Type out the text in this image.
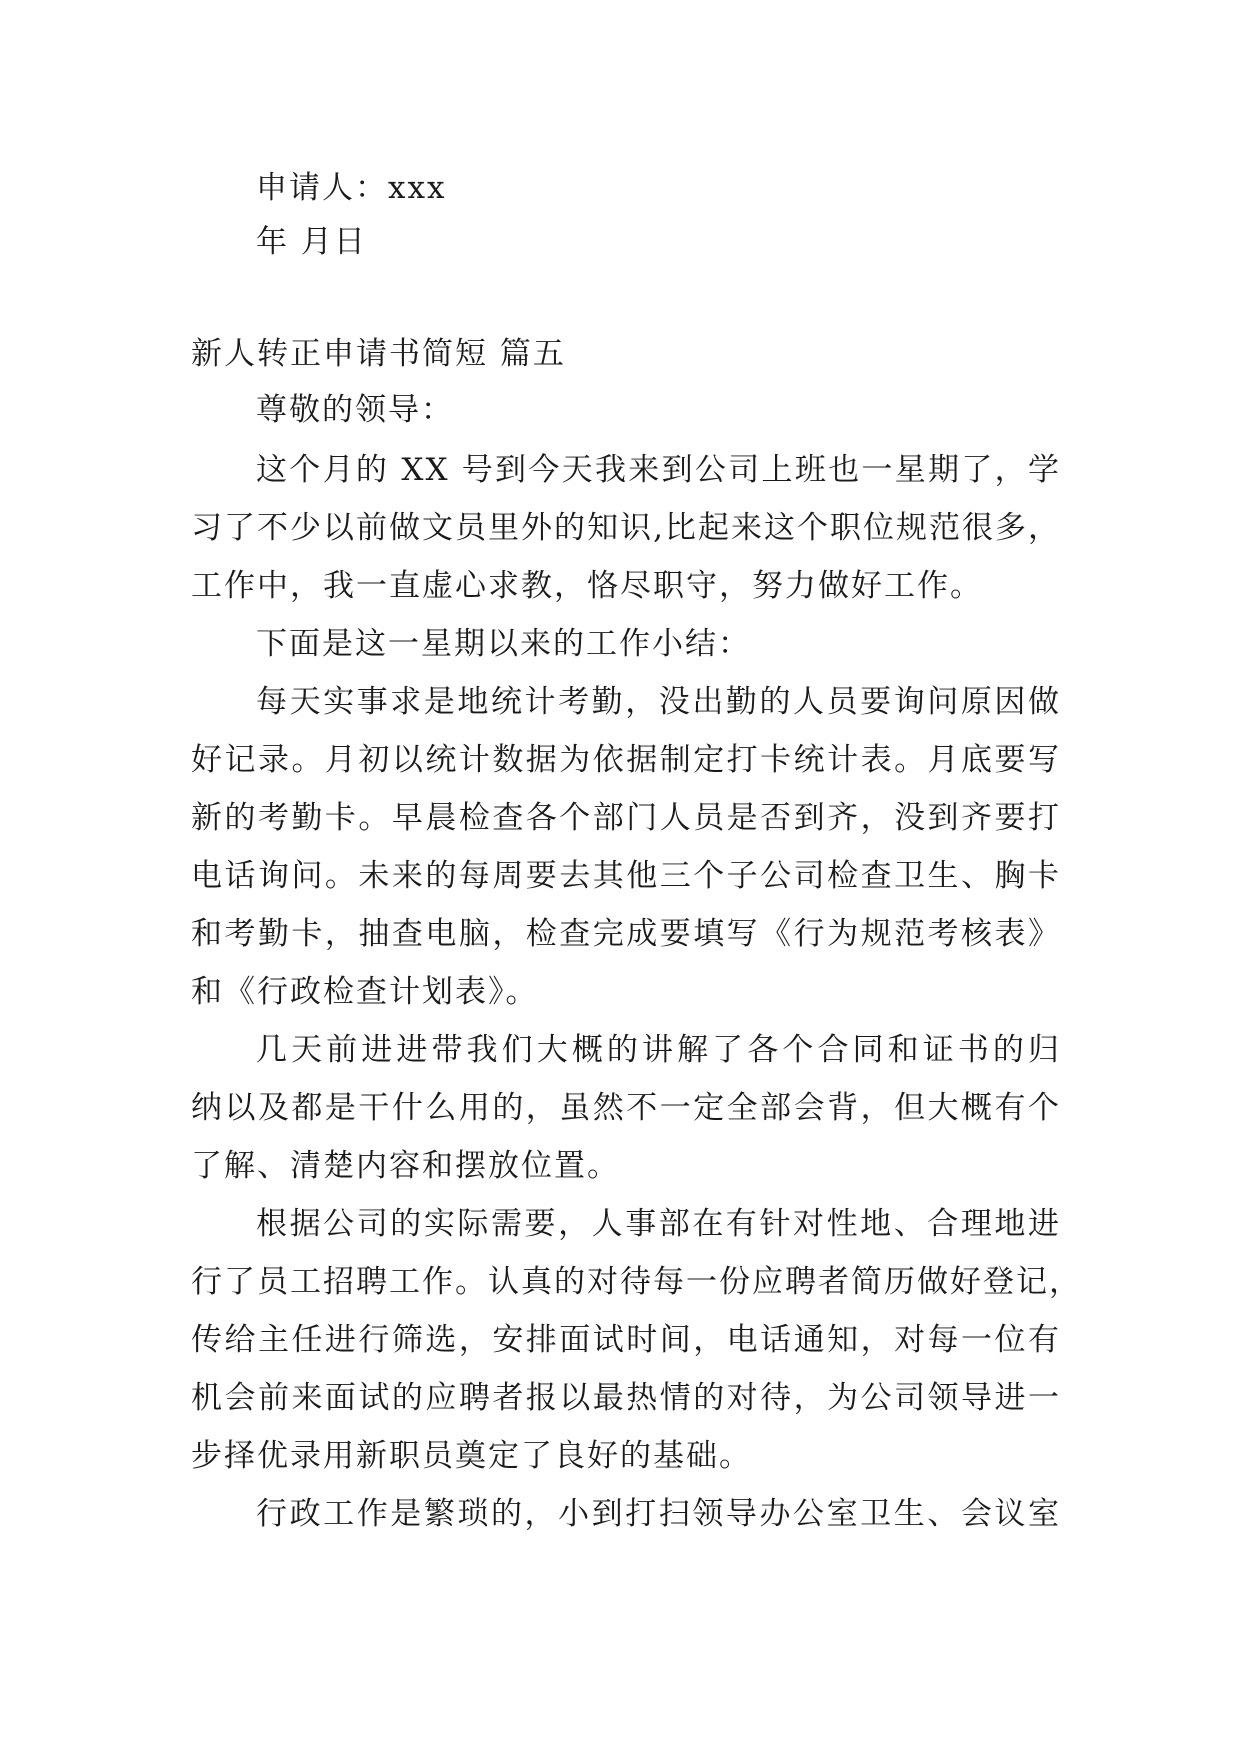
申请人：xxx
年 月日
新人转正申请书简短 篇五
尊敬的领导：
这个月的 XX 号到今天我来到公司上班也一星期了，学
习了不少以前做文员里外的知识,比起来这个职位规范很多，
工作中，我一直虚心求教，恪尽职守，努力做好工作。
下面是这一星期以来的工作小结：
每天实事求是地统计考勤，没出勤的人员要询问原因做
好记录。月初以统计数据为依据制定打卡统计表。月底要写
新的考勤卡。早晨检查各个部门人员是否到齐，没到齐要打
电话询问。未来的每周要去其他三个子公司检查卫生、胸卡
和考勤卡，抽查电脑，检查完成要填写《行为规范考核表》
和《行政检查计划表》。
几天前进进带我们大概的讲解了各个合同和证书的归
纳以及都是干什么用的，虽然不一定全部会背，但大概有个
了解、清楚内容和摆放位置。
根据公司的实际需要，人事部在有针对性地、合理地进
行了员工招聘工作。认真的对待每一份应聘者简历做好登记，
传给主任进行筛选，安排面试时间，电话通知，对每一位有
机会前来面试的应聘者报以最热情的对待，为公司领导进一
步择优录用新职员奠定了良好的基础。
行政工作是繁琐的，小到打扫领导办公室卫生、会议室
